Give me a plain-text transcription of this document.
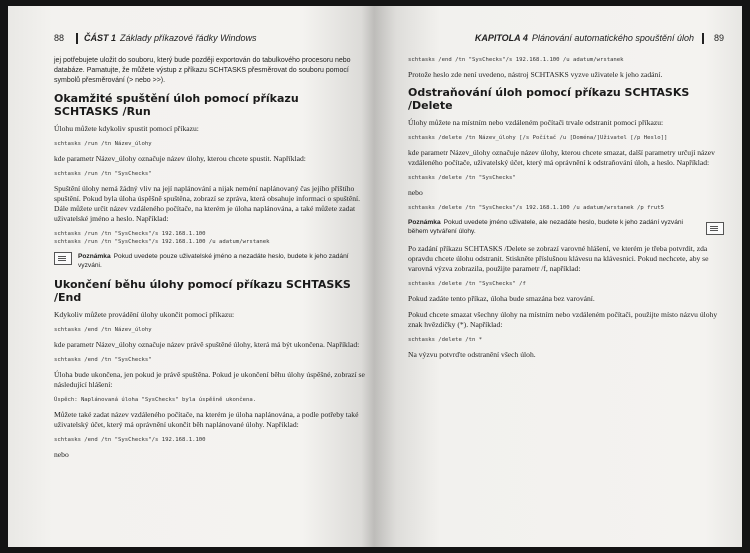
88 ČÁST 1 Základy příkazové řádky Windows

jej potřebujete uložit do souboru, který bude později exportován do tabulkového procesoru nebo databáze. Pamatujte, že můžete výstup z příkazu SCHTASKS přesměrovat do souboru pomocí symbolů přesměrování (> nebo >>).

Okamžité spuštění úloh pomocí příkazu SCHTASKS /Run

Úlohu můžete kdykoliv spustit pomocí příkazu:

schtasks /run /tn Název_úlohy

kde parametr Název_úlohy označuje název úlohy, kterou chcete spustit. Například:

schtasks /run /tn "SysChecks"

Spuštění úlohy nemá žádný vliv na její naplánování a nijak neméní naplánovaný čas jejího příštího spuštění. Pokud byla úloha úspěšně spuštěna, zobrazí se zpráva, která obsahuje informaci o spuštění. Dále můžete určit název vzdáleného počítače, na kterém je úloha naplánována, a také můžete zadat uživatelské jméno a heslo. Například:

schtasks /run /tn "SysChecks"/s 192.168.1.100
schtasks /run /tn "SysChecks"/s 192.168.1.100 /u adatum/wrstanek
Poznámka Pokud uvedete pouze uživatelské jméno a nezadáte heslo, budete k jeho zadání vyzváni.
Ukončení běhu úlohy pomocí příkazu SCHTASKS /End

Kdykoliv můžete provádění úlohy ukončit pomocí příkazu:

schtasks /end /tn Název_úlohy

kde parametr Název_úlohy označuje název právě spuštěné úlohy, která má být ukončena. Například:

schtasks /end /tn "SysChecks"

Úloha bude ukončena, jen pokud je právě spuštěna. Pokud je ukončení běhu úlohy úspěšné, zobrazí se následující hlášení:

Úspěch: Naplánovaná úloha "SysChecks" byla úspěšně ukončena.

Můžete také zadat název vzdáleného počítače, na kterém je úloha naplánována, a podle potřeby také uživatelský účet, který má oprávnění ukončit běh naplánované úlohy. Například:

schtasks /end /tn "SysChecks"/s 192.168.1.100

nebo

KAPITOLA 4 Plánování automatického spouštění úloh 89
schtasks /end /tn "SysChecks"/s 192.168.1.100 /u adatum/wrstanek

Protože heslo zde není uvedeno, nástroj SCHTASKS vyzve uživatele k jeho zadání.

Odstraňování úloh pomocí příkazu SCHTASKS /Delete

Úlohy můžete na místním nebo vzdáleném počítači trvale odstranit pomocí příkazu:

schtasks /delete /tn Název_úlohy [/s Počítač /u [Doména/]Uživatel [/p Heslo]]

kde parametr Název_úlohy označuje název úlohy, kterou chcete smazat, další parametry určují název vzdáleného počítače, uživatelský účet, který má oprávnění k odstraňování úloh, a heslo. Například:

schtasks /delete /tn "SysChecks"

nebo

schtasks /delete /tn "SysChecks"/s 192.168.1.100 /u adatum/wrstanek /p frut5
Poznámka Pokud uvedete jméno uživatele, ale nezadáte heslo, budete k jeho zadání vyzváni během vytváření úlohy.

Po zadání příkazu SCHTASKS /Delete se zobrazí varovné hlášení, ve kterém je třeba potvrdit, zda opravdu chcete úlohu odstranit. Stiskněte příslušnou klávesu na klávesnici. Pokud nechcete, aby se varovná výzva zobrazila, použijte parametr /f, například:

schtasks /delete /tn "SysChecks" /f

Pokud zadáte tento příkaz, úloha bude smazána bez varování.

Pokud chcete smazat všechny úlohy na místním nebo vzdáleném počítači, použijte místo názvu úlohy znak hvězdičky (*). Například:

schtasks /delete /tn *

Na výzvu potvrďte odstranění všech úloh.
